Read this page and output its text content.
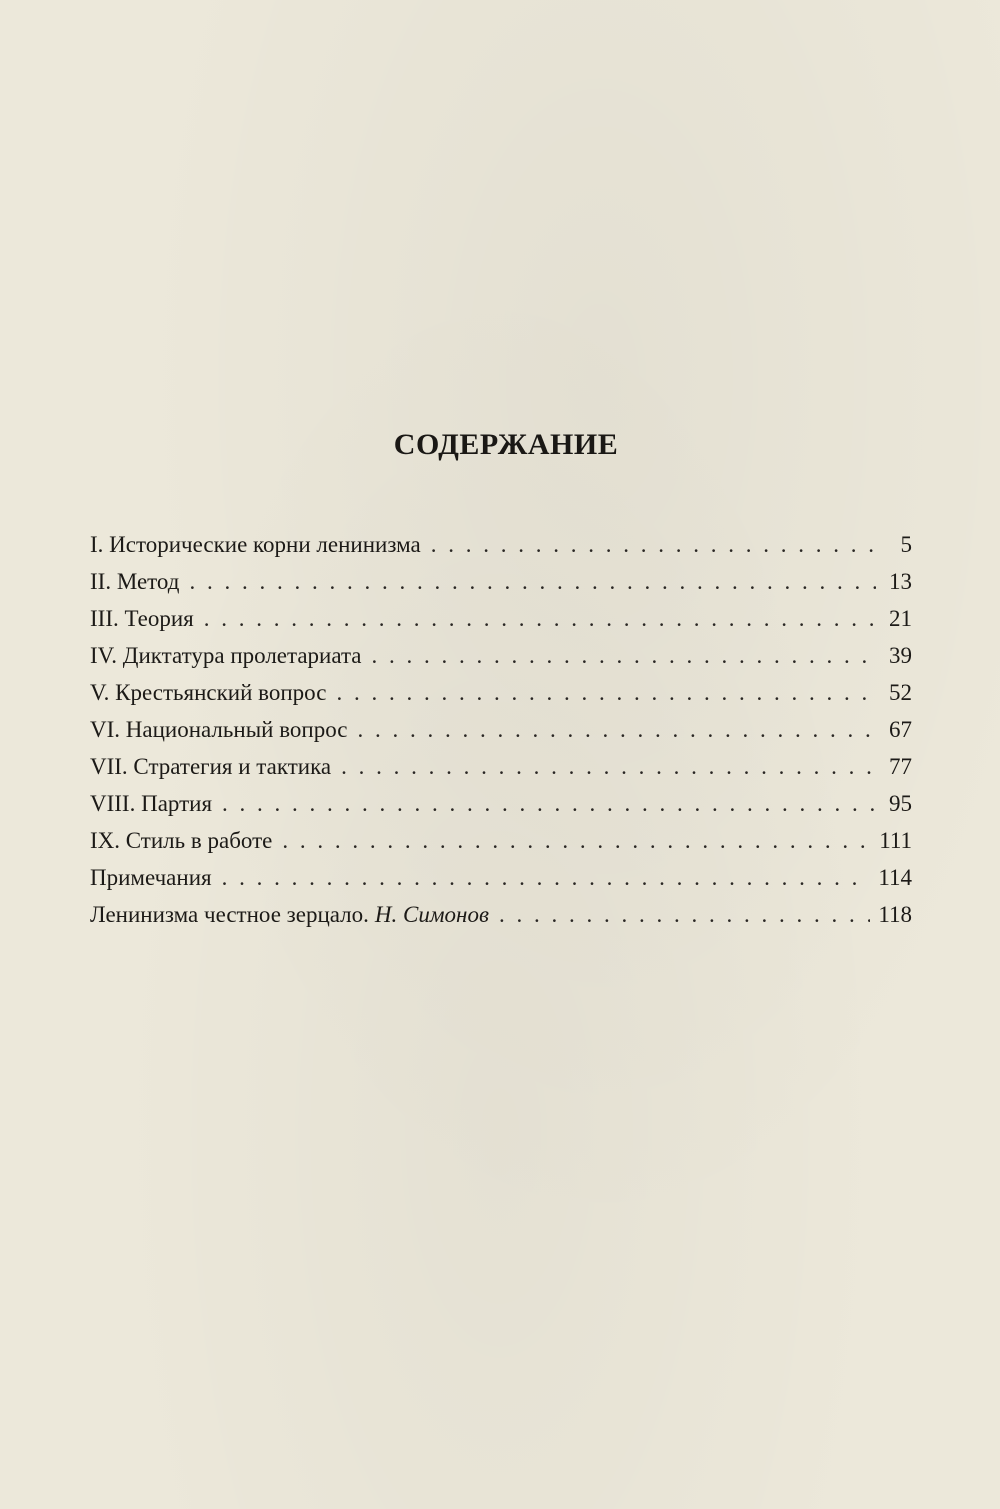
СОДЕРЖАНИЕ
I. Исторические корни ленинизма . . .	5
II. Метод . . .	13
III. Теория . . .	21
IV. Диктатура пролетариата . . .	39
V. Крестьянский вопрос . . .	52
VI. Национальный вопрос . . .	67
VII. Стратегия и тактика . . .	77
VIII. Партия . . .	95
IX. Стиль в работе . . .	111
Примечания . . .	114
Ленинизма честное зерцало. Н. Симонов . . .	118
